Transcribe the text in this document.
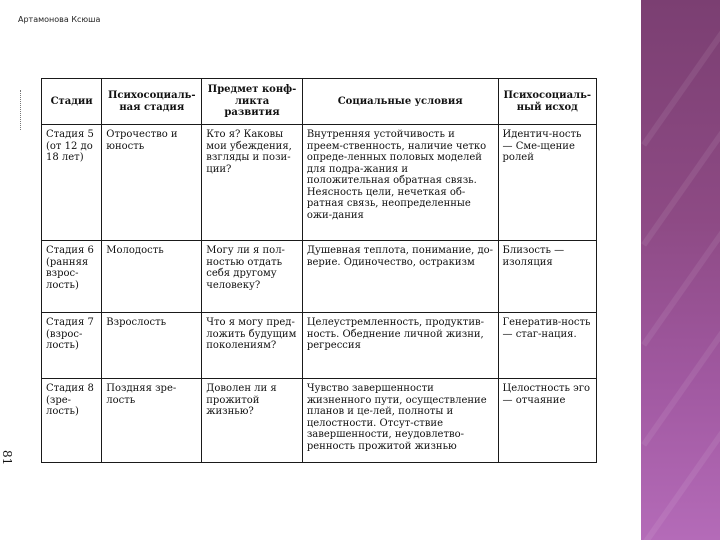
Артамонова Ксюша
81
Стадии	Психосоциаль-ная стадия	Предмет конф-ликта развития	Социальные условия	Психосоциаль-ный исход
Стадия 5 (от 12 до 18 лет)	Отрочество и юность	Кто я? Каковы мои убеждения, взгляды и пози-ции?	Внутренняя устойчивость и преем-ственность, наличие четко опреде-ленных половых моделей для подра-жания и положительная обратная связь. Неясность цели, нечеткая об-ратная связь, неопределенные ожи-дания	Идентич-ность — Сме-щение ролей
Стадия 6 (ранняя взрос-лость)	Молодость	Могу ли я пол-ностью отдать себя другому человеку?	Душевная теплота, понимание, до-верие. Одиночество, остракизм	Близость — изоляция
Стадия 7 (взрос-лость)	Взрослость	Что я могу пред-ложить будущим поколениям?	Целеустремленность, продуктив-ность. Обеднение личной жизни, регрессия	Генератив-ность — стаг-нация.
Стадия 8 (зре-лость)	Поздняя зре-лость	Доволен ли я прожитой жизнью?	Чувство завершенности жизненного пути, осуществление планов и це-лей, полноты и целостности. Отсут-ствие завершенности, неудовлетво-ренность прожитой жизнью	Целостность эго — отчаяние
